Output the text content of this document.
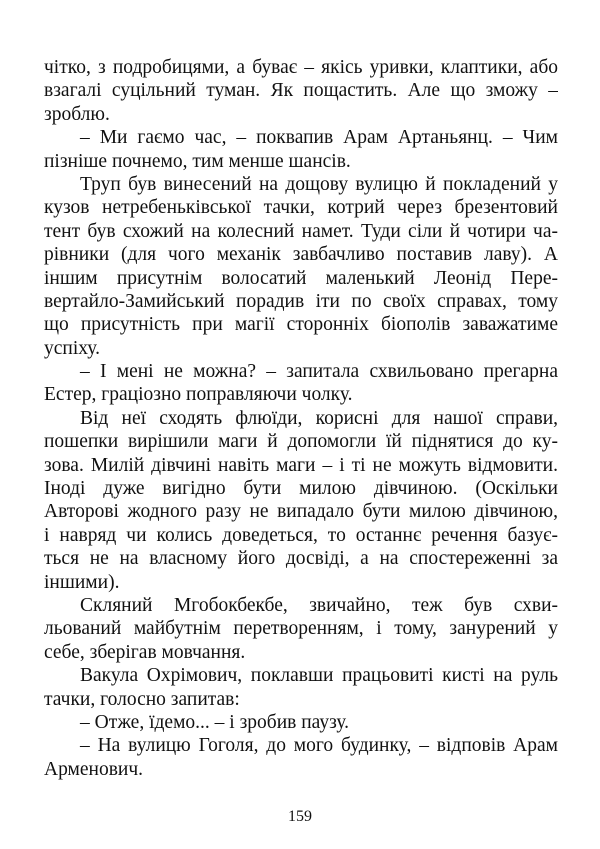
чітко, з подробицями, а буває – якісь уривки, клаптики, або
взагалі суцільний туман. Як пощастить. Але що зможу –
зроблю.
– Ми гаємо час, – поквапив Арам Артаньянц. – Чим
пізніше почнемо, тим менше шансів.
Труп був винесений на дощову вулицю й покладений у
кузов нетребеньківської тачки, котрий через брезентовий
тент був схожий на колесний намет. Туди сіли й чотири ча-
рівники (для чого механік завбачливо поставив лаву). А
іншим присутнім волосатий маленький Леонід Пере-
вертайло-Замийський порадив іти по своїх справах, тому
що присутність при магії сторонніх біополів заважатиме
успіху.
– І мені не можна? – запитала схвильовано прегарна
Естер, граціозно поправляючи чолку.
Від неї сходять флюїди, корисні для нашої справи,
пошепки вирішили маги й допомогли їй піднятися до ку-
зова. Милій дівчині навіть маги – і ті не можуть відмовити.
Іноді дуже вигідно бути милою дівчиною. (Оскільки
Авторові жодного разу не випадало бути милою дівчиною,
і навряд чи колись доведеться, то останнє речення базує-
ться не на власному його досвіді, а на спостереженні за
іншими).
Скляний Мгобокбекбе, звичайно, теж був схви-
льований майбутнім перетворенням, і тому, занурений у
себе, зберігав мовчання.
Вакула Охрімович, поклавши працьовиті кисті на руль
тачки, голосно запитав:
– Отже, їдемо... – і зробив паузу.
– На вулицю Гоголя, до мого будинку, – відповів Арам
Арменович.
159
